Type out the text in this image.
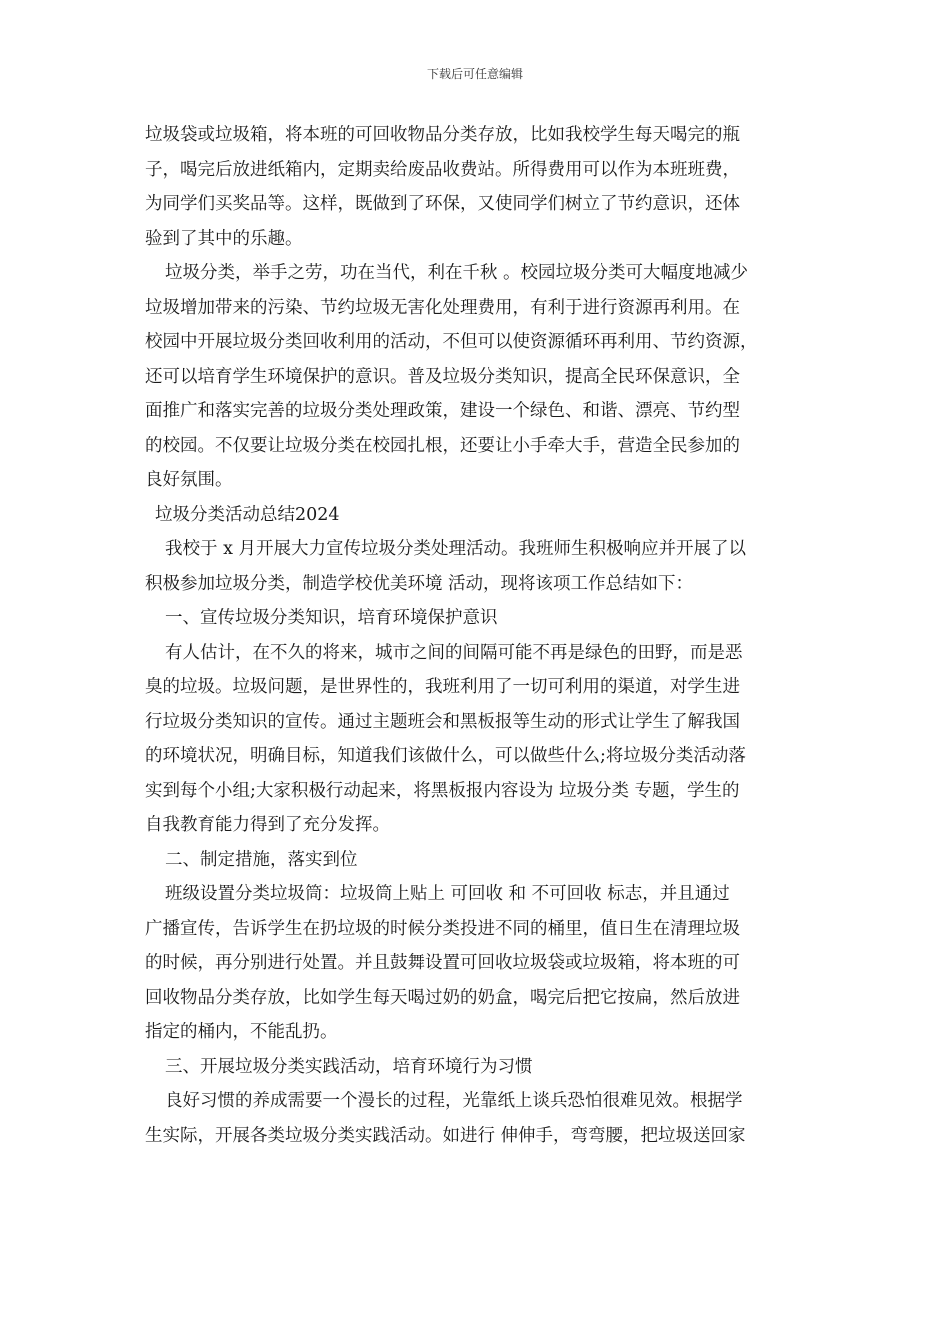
下载后可任意编辑
垃圾袋或垃圾箱，将本班的可回收物品分类存放，比如我校学生每天喝完的瓶
子，喝完后放进纸箱内，定期卖给废品收费站。所得费用可以作为本班班费，
为同学们买奖品等。这样，既做到了环保，又使同学们树立了节约意识，还体
验到了其中的乐趣。
垃圾分类，举手之劳，功在当代，利在千秋 。校园垃圾分类可大幅度地减少
垃圾增加带来的污染、节约垃圾无害化处理费用，有利于进行资源再利用。在
校园中开展垃圾分类回收利用的活动，不但可以使资源循环再利用、节约资源，
还可以培育学生环境保护的意识。普及垃圾分类知识，提高全民环保意识，全
面推广和落实完善的垃圾分类处理政策，建设一个绿色、和谐、漂亮、节约型
的校园。不仅要让垃圾分类在校园扎根，还要让小手牵大手，营造全民参加的
良好氛围。
垃圾分类活动总结2024
我校于 x 月开展大力宣传垃圾分类处理活动。我班师生积极响应并开展了以
积极参加垃圾分类，制造学校优美环境 活动，现将该项工作总结如下：
一、宣传垃圾分类知识，培育环境保护意识
有人估计，在不久的将来，城市之间的间隔可能不再是绿色的田野，而是恶
臭的垃圾。垃圾问题，是世界性的，我班利用了一切可利用的渠道，对学生进
行垃圾分类知识的宣传。通过主题班会和黑板报等生动的形式让学生了解我国
的环境状况，明确目标，知道我们该做什么，可以做些什么;将垃圾分类活动落
实到每个小组;大家积极行动起来，将黑板报内容设为 垃圾分类 专题，学生的
自我教育能力得到了充分发挥。
二、制定措施，落实到位
班级设置分类垃圾筒：垃圾筒上贴上 可回收 和 不可回收 标志，并且通过
广播宣传，告诉学生在扔垃圾的时候分类投进不同的桶里，值日生在清理垃圾
的时候，再分别进行处置。并且鼓舞设置可回收垃圾袋或垃圾箱，将本班的可
回收物品分类存放，比如学生每天喝过奶的奶盒，喝完后把它按扁，然后放进
指定的桶内，不能乱扔。
三、开展垃圾分类实践活动，培育环境行为习惯
良好习惯的养成需要一个漫长的过程，光靠纸上谈兵恐怕很难见效。根据学
生实际，开展各类垃圾分类实践活动。如进行 伸伸手，弯弯腰，把垃圾送回家
